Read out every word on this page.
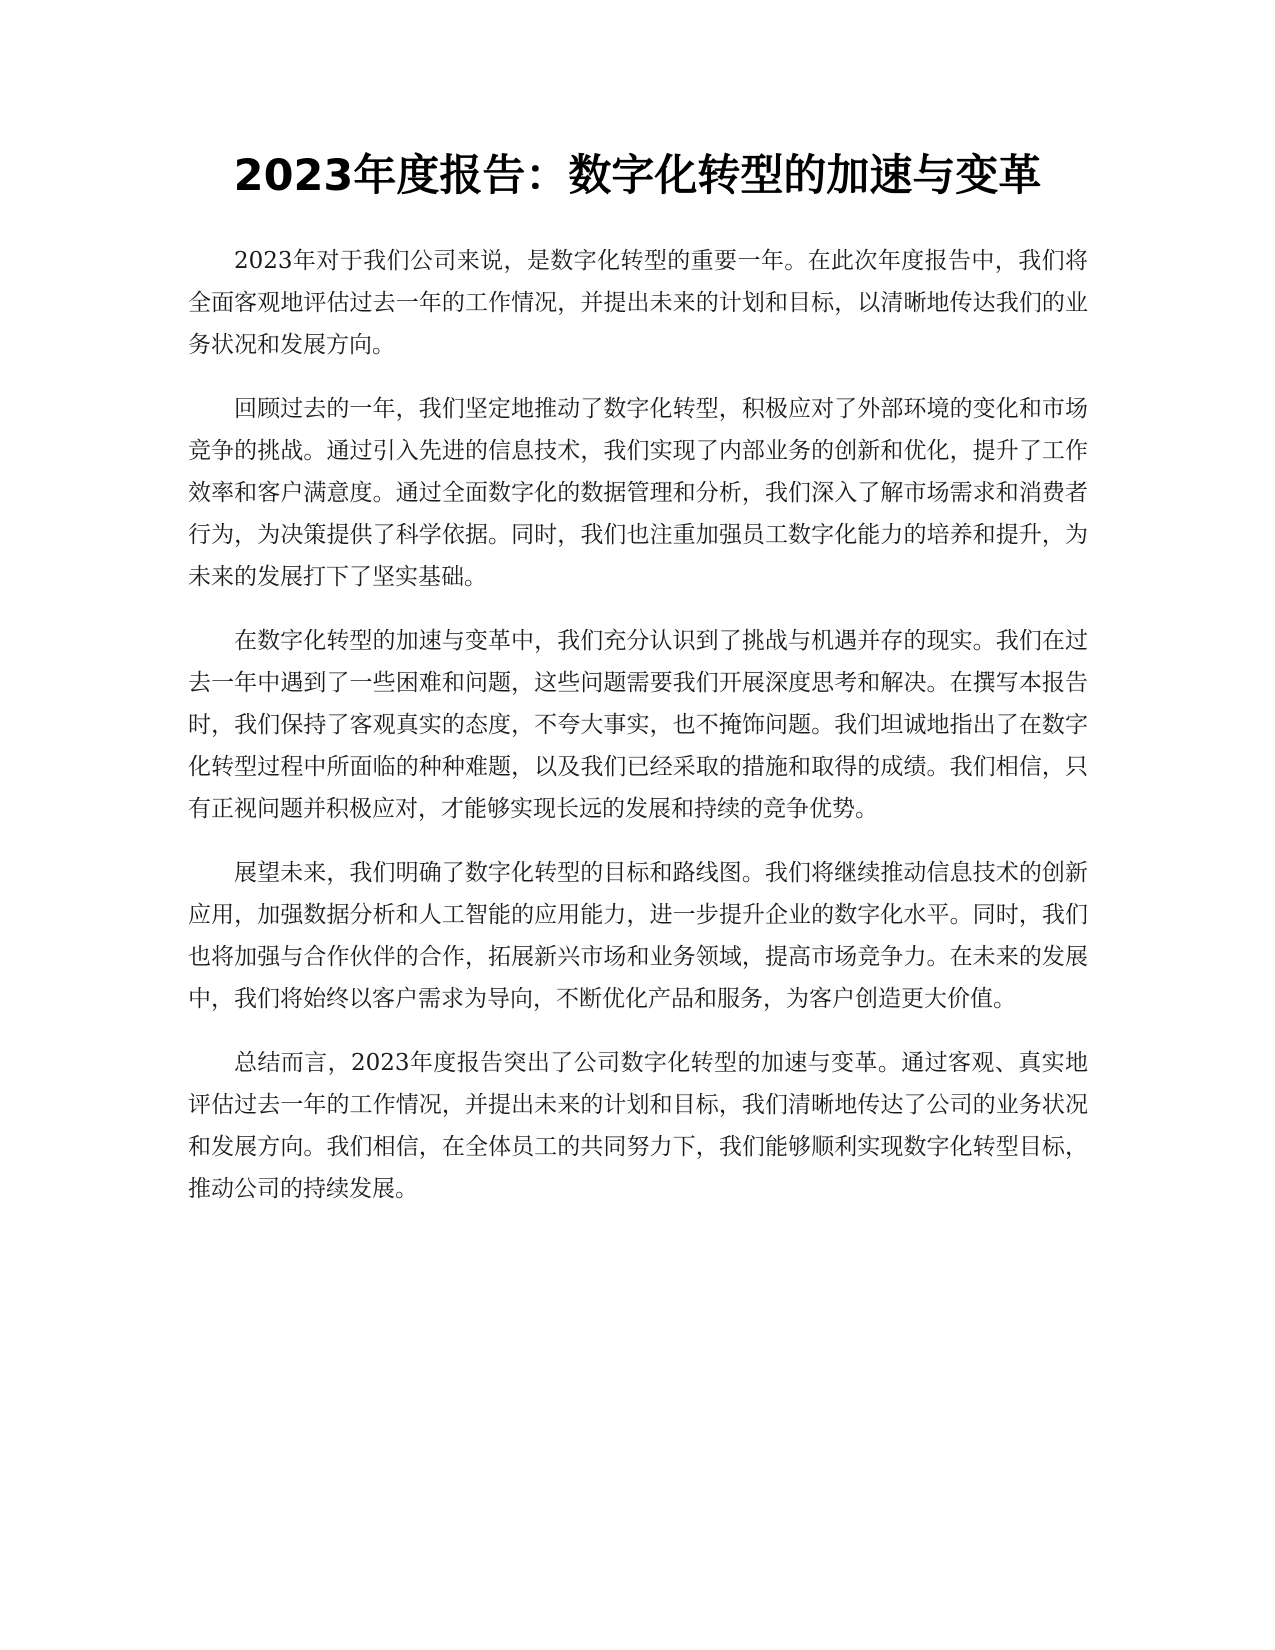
2023年度报告：数字化转型的加速与变革

2023年对于我们公司来说，是数字化转型的重要一年。在此次年度报告中，我们将全面客观地评估过去一年的工作情况，并提出未来的计划和目标，以清晰地传达我们的业务状况和发展方向。

回顾过去的一年，我们坚定地推动了数字化转型，积极应对了外部环境的变化和市场竞争的挑战。通过引入先进的信息技术，我们实现了内部业务的创新和优化，提升了工作效率和客户满意度。通过全面数字化的数据管理和分析，我们深入了解市场需求和消费者行为，为决策提供了科学依据。同时，我们也注重加强员工数字化能力的培养和提升，为未来的发展打下了坚实基础。

在数字化转型的加速与变革中，我们充分认识到了挑战与机遇并存的现实。我们在过去一年中遇到了一些困难和问题，这些问题需要我们开展深度思考和解决。在撰写本报告时，我们保持了客观真实的态度，不夸大事实，也不掩饰问题。我们坦诚地指出了在数字化转型过程中所面临的种种难题，以及我们已经采取的措施和取得的成绩。我们相信，只有正视问题并积极应对，才能够实现长远的发展和持续的竞争优势。

展望未来，我们明确了数字化转型的目标和路线图。我们将继续推动信息技术的创新应用，加强数据分析和人工智能的应用能力，进一步提升企业的数字化水平。同时，我们也将加强与合作伙伴的合作，拓展新兴市场和业务领域，提高市场竞争力。在未来的发展中，我们将始终以客户需求为导向，不断优化产品和服务，为客户创造更大价值。

总结而言，2023年度报告突出了公司数字化转型的加速与变革。通过客观、真实地评估过去一年的工作情况，并提出未来的计划和目标，我们清晰地传达了公司的业务状况和发展方向。我们相信，在全体员工的共同努力下，我们能够顺利实现数字化转型目标，推动公司的持续发展。
